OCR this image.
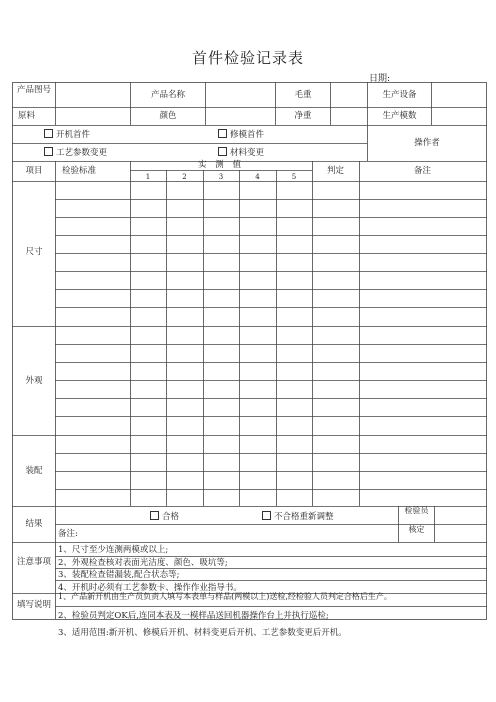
首件检验记录表
日期:
产品图号	产品名称	毛重	生产设备
原料	颜色	净重	生产模数
开机首件	修模首件
工艺参数变更	材料变更
操作者
项目	检验标准
实 测 值
1	2	3	4	5
判定	备注
尺寸
外观
装配
结果
合格	不合格重新调整
检验员
核定
备注:
注意事项
1、尺寸至少连测两模或以上;
2、外观检查核对表面光洁度、颜色、吸坑等;
3、装配检查错漏装,配合状态等;
4、开机时必须有工艺参数卡、操作作业指导书。
填写说明
1、产品新开机由生产员负责人填写本表单与样品(两模以上)送检,经检验人员判定合格后生产。
2、检验员判定OK后,连同本表及一模样品送回机器操作台上并执行巡检;
3、适用范围:新开机、修模后开机、材料变更后开机、工艺参数变更后开机。
